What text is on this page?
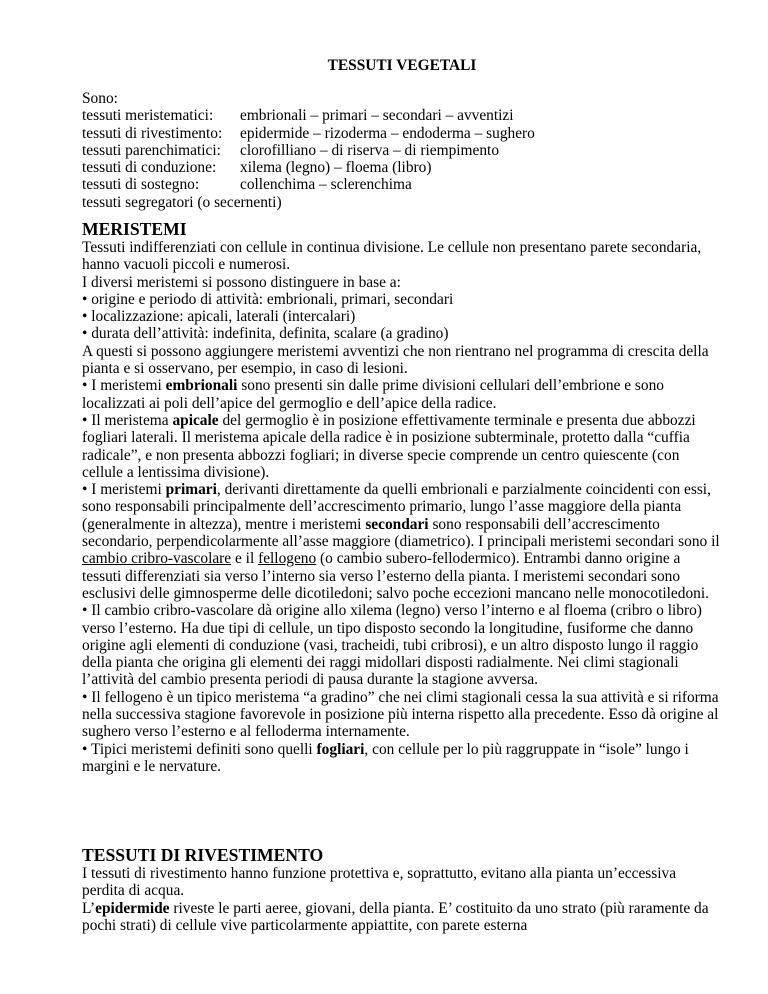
TESSUTI VEGETALI
Sono:
tessuti meristematici:	embrionali – primari – secondari – avventizi
tessuti di rivestimento:	epidermide – rizoderma – endoderma – sughero
tessuti parenchimatici:	clorofilliano – di riserva – di riempimento
tessuti di conduzione:	xilema (legno) – floema (libro)
tessuti di sostegno:	collenchima – sclerenchima
tessuti segregatori (o secernenti)
MERISTEMI

Tessuti indifferenziati con cellule in continua divisione. Le cellule non presentano parete secondaria, hanno vacuoli piccoli e numerosi.

I diversi meristemi si possono distinguere in base a:

• origine e periodo di attività: embrionali, primari, secondari

• localizzazione: apicali, laterali (intercalari)

• durata dell’attività: indefinita, definita, scalare (a gradino)

A questi si possono aggiungere meristemi avventizi che non rientrano nel programma di crescita della pianta e si osservano, per esempio, in caso di lesioni.

• I meristemi embrionali sono presenti sin dalle prime divisioni cellulari dell’embrione e sono localizzati ai poli dell’apice del germoglio e dell’apice della radice.

• Il meristema apicale del germoglio è in posizione effettivamente terminale e presenta due abbozzi fogliari laterali. Il meristema apicale della radice è in posizione subterminale, protetto dalla “cuffia radicale”, e non presenta abbozzi fogliari; in diverse specie comprende un centro quiescente (con cellule a lentissima divisione).

• I meristemi primari, derivanti direttamente da quelli embrionali e parzialmente coincidenti con essi, sono responsabili principalmente dell’accrescimento primario, lungo l’asse maggiore della pianta (generalmente in altezza), mentre i meristemi secondari sono responsabili dell’accrescimento secondario, perpendicolarmente all’asse maggiore (diametrico). I principali meristemi secondari sono il cambio cribro-vascolare e il fellogeno (o cambio subero-fellodermico). Entrambi danno origine a tessuti differenziati sia verso l’interno sia verso l’esterno della pianta. I meristemi secondari sono esclusivi delle gimnosperme delle dicotiledoni; salvo poche eccezioni mancano nelle monocotiledoni.

• Il cambio cribro-vascolare dà origine allo xilema (legno) verso l’interno e al floema (cribro o libro) verso l’esterno. Ha due tipi di cellule, un tipo disposto secondo la longitudine, fusiforme che danno origine agli elementi di conduzione (vasi, tracheidi, tubi cribrosi), e un altro disposto lungo il raggio della pianta che origina gli elementi dei raggi midollari disposti radialmente. Nei climi stagionali l’attività del cambio presenta periodi di pausa durante la stagione avversa.

• Il fellogeno è un tipico meristema “a gradino” che nei climi stagionali cessa la sua attività e si riforma nella successiva stagione favorevole in posizione più interna rispetto alla precedente. Esso dà origine al sughero verso l’esterno e al felloderma internamente.

• Tipici meristemi definiti sono quelli fogliari, con cellule per lo più raggruppate in “isole” lungo i margini e le nervature.

TESSUTI DI RIVESTIMENTO

I tessuti di rivestimento hanno funzione protettiva e, soprattutto, evitano alla pianta un’eccessiva perdita di acqua.

L’epidermide riveste le parti aeree, giovani, della pianta. E’ costituito da uno strato (più raramente da pochi strati) di cellule vive particolarmente appiattite, con parete esterna
